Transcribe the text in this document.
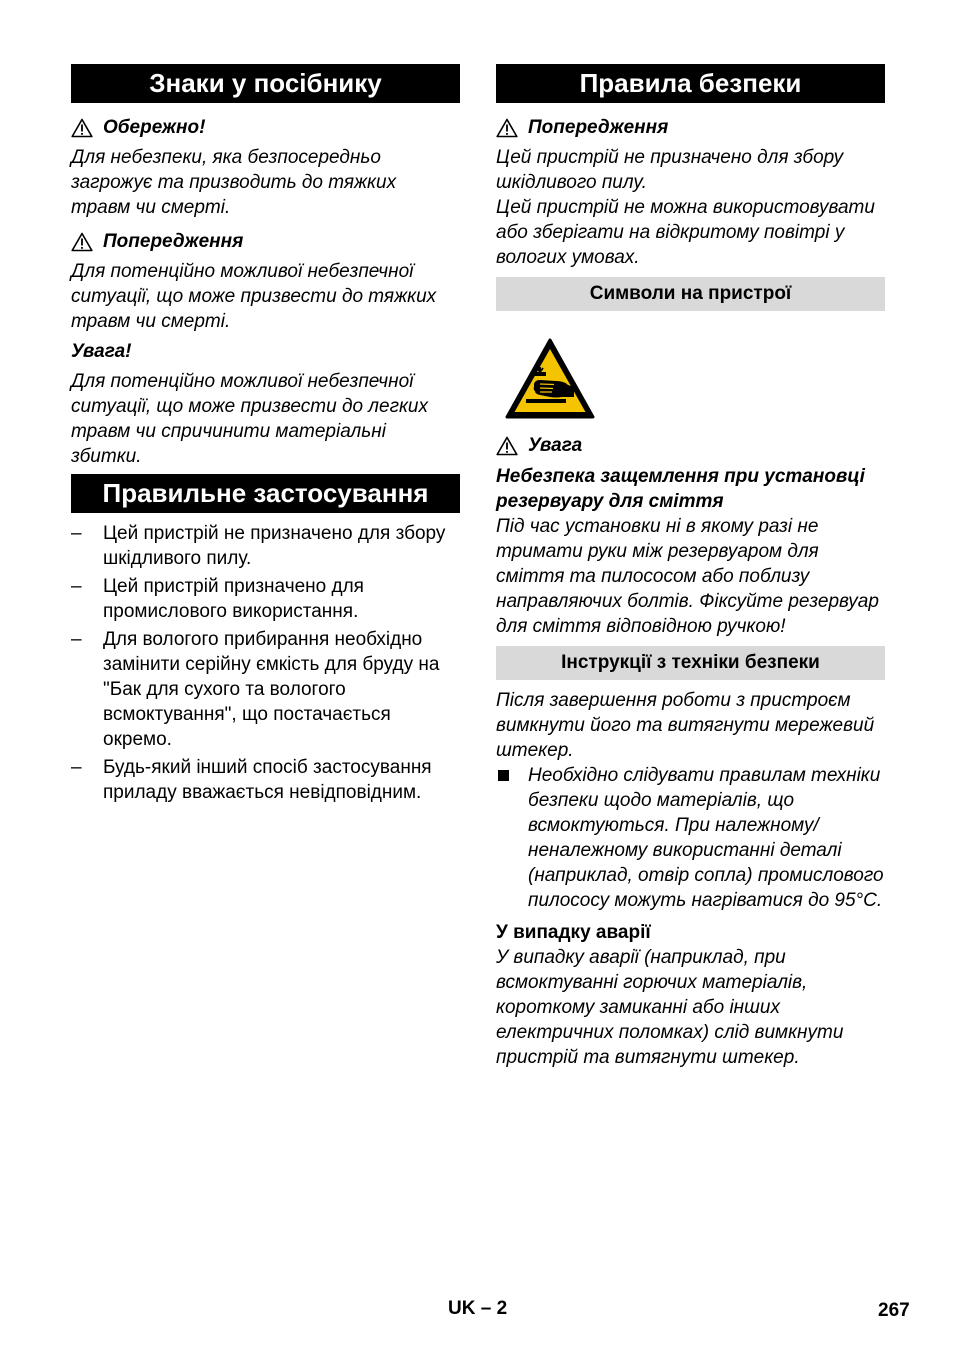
Знаки у посібнику
Обережно!
Для небезпеки, яка безпосередньо загрожує та призводить до тяжких травм чи смерті.
Попередження
Для потенційно можливої небезпечної ситуації, що може призвести до тяжких травм чи смерті.
Увага!
Для потенційно можливої небезпечної ситуації, що може призвести до легких травм чи спричинити матеріальні збитки.
Правильне застосування
– Цей пристрій не призначено для збору шкідливого пилу.
– Цей пристрій призначено для промислового використання.
– Для вологого прибирання необхідно замінити серійну ємкість для бруду на "Бак для сухого та вологого всмоктування", що постачається окремо.
– Будь-який інший спосіб застосування приладу вважається невідповідним.
Правила безпеки
Попередження
Цей пристрій не призначено для збору шкідливого пилу.
Цей пристрій не можна використовувати або зберігати на відкритому повітрі у вологих умовах.
Символи на пристрої
Увага
Небезпека защемлення при установці резервуару для сміття
Під час установки ні в якому разі не тримати руки між резервуаром для сміття та пилососом або поблизу направляючих болтів. Фіксуйте резервуар для сміття відповідною ручкою!
Інструкції з техніки безпеки
Після завершення роботи з пристроєм вимкнути його та витягнути мережевий штекер.
Необхідно слідувати правилам техніки безпеки щодо матеріалів, що всмоктуються. При належному/ неналежному використанні деталі (наприклад, отвір сопла) промислового пилососу можуть нагріватися до 95°C.
У випадку аварії
У випадку аварії (наприклад, при всмоктуванні горючих матеріалів, короткому замиканні або інших електричних поломках) слід вимкнути пристрій та витягнути штекер.
UK – 2	267
